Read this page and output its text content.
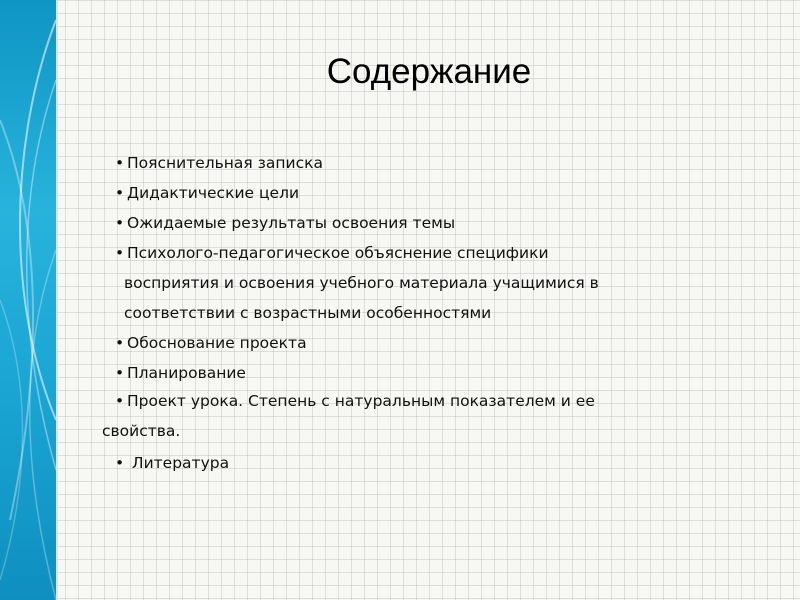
Содержание
• Пояснительная записка
• Дидактические цели
• Ожидаемые результаты освоения темы
• Психолого-педагогическое объяснение специфики
восприятия и освоения учебного материала учащимися в
соответствии с возрастными особенностями
• Обоснование проекта
• Планирование
• Проект урока. Степень с натуральным показателем и ее
свойства.
• Литература
